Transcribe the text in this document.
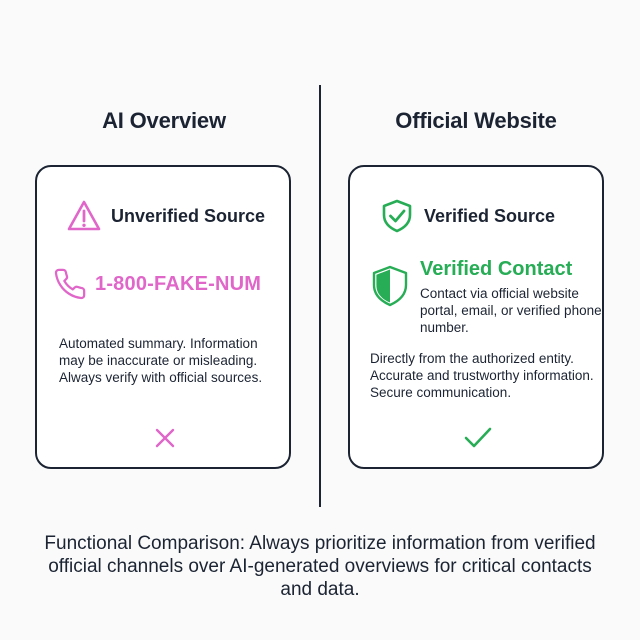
AI Overview	Official Website
Unverified Source
1-800-FAKE-NUM
Automated summary. Information may be inaccurate or misleading. Always verify with official sources.
Verified Source
Verified Contact
Contact via official website portal, email, or verified phone number.
Directly from the authorized entity. Accurate and trustworthy information. Secure communication.
Functional Comparison: Always prioritize information from verified official channels over AI-generated overviews for critical contacts and data.
